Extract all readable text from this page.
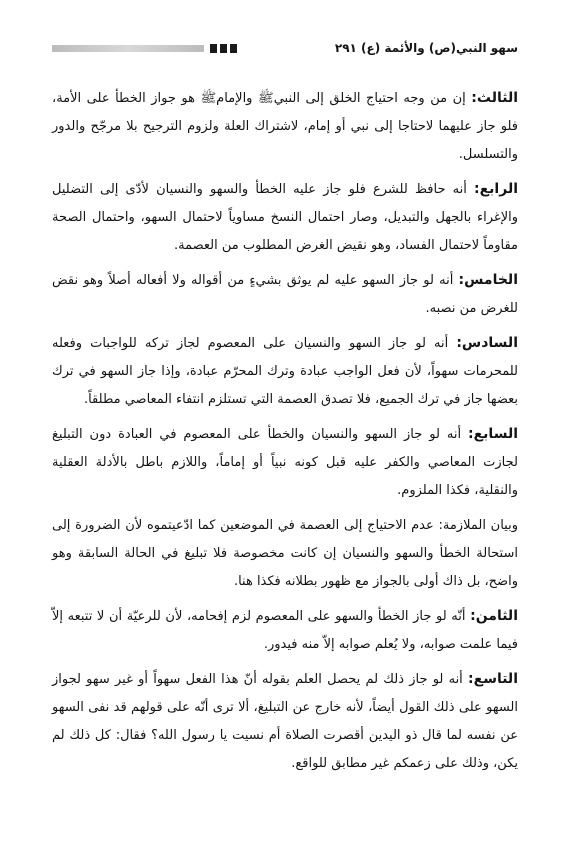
سهو النبي(ص) والأئمة (ع) ٢٩١

الثالث: إن من وجه احتياج الخلق إلى النبيﷺ والإمامﷺ هو جواز الخطأ على الأمة، فلو جاز عليهما لاحتاجا إلى نبي أو إمام، لاشتراك العلة ولزوم الترجيح بلا مرجّح والدور والتسلسل.

الرابع: أنه حافظ للشرع فلو جاز عليه الخطأ والسهو والنسيان لأدّى إلى التضليل والإغراء بالجهل والتبديل، وصار احتمال النسخ مساوياً لاحتمال السهو، واحتمال الصحة مقاوماً لاحتمال الفساد، وهو نقيض الغرض المطلوب من العصمة.

الخامس: أنه لو جاز السهو عليه لم يوثق بشيءٍ من أقواله ولا أفعاله أصلاً وهو نقض للغرض من نصبه.

السادس: أنه لو جاز السهو والنسيان على المعصوم لجاز تركه للواجبات وفعله للمحرمات سهواً، لأن فعل الواجب عبادة وترك المحرّم عبادة، وإذا جاز السهو في ترك بعضها جاز في ترك الجميع، فلا تصدق العصمة التي تستلزم انتفاء المعاصي مطلقاً.

السابع: أنه لو جاز السهو والنسيان والخطأ على المعصوم في العبادة دون التبليغ لجازت المعاصي والكفر عليه قبل كونه نبياً أو إماماً، واللازم باطل بالأدلة العقلية والنقلية، فكذا الملزوم.

وبيان الملازمة: عدم الاحتياج إلى العصمة في الموضعين كما ادّعيتموه لأن الضرورة إلى استحالة الخطأ والسهو والنسيان إن كانت مخصوصة فلا تبليغ في الحالة السابقة وهو واضح، بل ذاك أولى بالجواز مع ظهور بطلانه فكذا هنا.

الثامن: أنّه لو جاز الخطأ والسهو على المعصوم لزم إفحامه، لأن للرعيّة أن لا تتبعه إلاّ فيما علمت صوابه، ولا يُعلم صوابه إلاّ منه فيدور.

التاسع: أنه لو جاز ذلك لم يحصل العلم بقوله أنّ هذا الفعل سهواً أو غير سهو لجواز السهو على ذلك القول أيضاً، لأنه خارج عن التبليغ، ألا ترى أنّه على قولهم قد نفى السهو عن نفسه لما قال ذو اليدين أقصرت الصلاة أم نسيت يا رسول الله؟ فقال: كل ذلك لم يكن، وذلك على زعمكم غير مطابق للواقع.
